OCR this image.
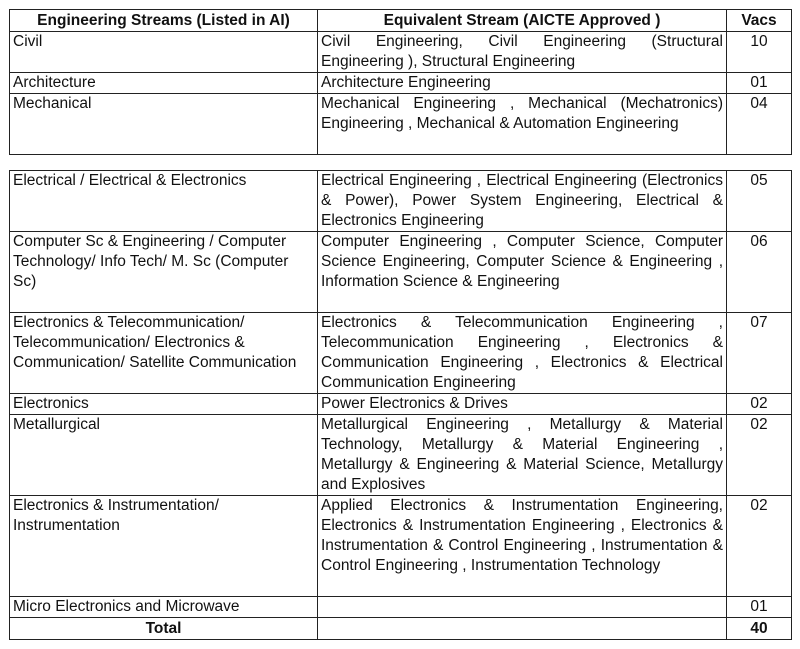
Engineering Streams (Listed in AI)	Equivalent Stream (AICTE Approved )	Vacs
Civil	Civil Engineering, Civil Engineering (Structural Engineering ), Structural Engineering	10
Architecture	Architecture Engineering	01
Mechanical	Mechanical Engineering , Mechanical (Mechatronics) Engineering , Mechanical & Automation Engineering	04
Electrical / Electrical & Electronics	Electrical Engineering , Electrical Engineering (Electronics & Power), Power System Engineering, Electrical & Electronics Engineering	05
Computer Sc & Engineering / Computer Technology/ Info Tech/ M. Sc (Computer Sc)	Computer Engineering , Computer Science, Computer Science Engineering, Computer Science & Engineering , Information Science & Engineering	06
Electronics & Telecommunication/ Telecommunication/ Electronics & Communication/ Satellite Communication	Electronics & Telecommunication Engineering , Telecommunication Engineering , Electronics & Communication Engineering , Electronics & Electrical Communication Engineering	07
Electronics	Power Electronics & Drives	02
Metallurgical	Metallurgical Engineering , Metallurgy & Material Technology, Metallurgy & Material Engineering , Metallurgy & Engineering & Material Science, Metallurgy and Explosives	02
Electronics & Instrumentation/ Instrumentation	Applied Electronics & Instrumentation Engineering, Electronics & Instrumentation Engineering , Electronics & Instrumentation & Control Engineering , Instrumentation & Control Engineering , Instrumentation Technology	02
Micro Electronics and Microwave		01
Total		40
